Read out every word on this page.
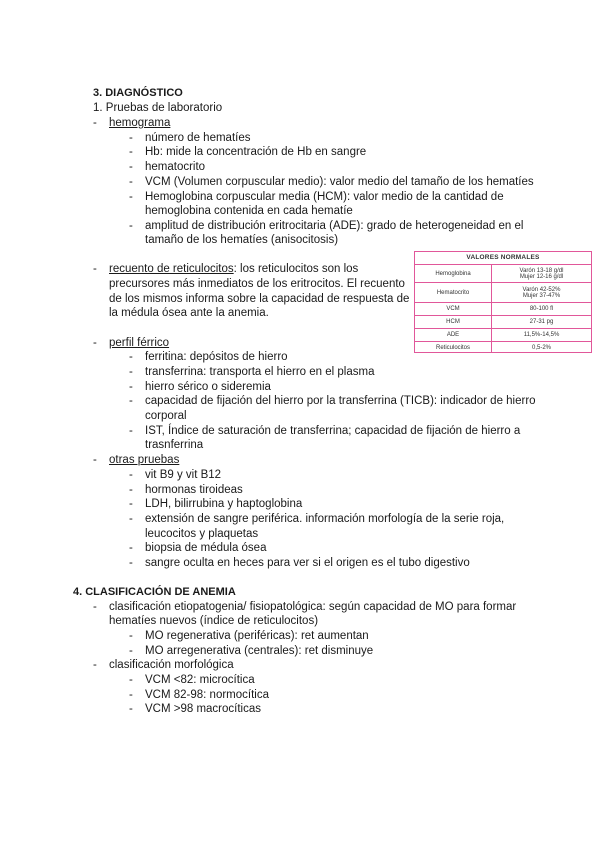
3. DIAGNÓSTICO
1. Pruebas de laboratorio
- hemograma
- número de hematíes
- Hb: mide la concentración de Hb en sangre
- hematocrito
- VCM (Volumen corpuscular medio): valor medio del tamaño de los hematíes
- Hemoglobina corpuscular media (HCM): valor medio de la cantidad de
hemoglobina contenida en cada hematíe
- amplitud de distribución eritrocitaria (ADE): grado de heterogeneidad en el
tamaño de los hematíes (anisocitosis)
- recuento de reticulocitos: los reticulocitos son los
precursores más inmediatos de los eritrocitos. El recuento
de los mismos informa sobre la capacidad de respuesta de
la médula ósea ante la anemia.
VALORES NORMALES
Hemoglobina	Varón 13-18 g/dl
Mujer 12-16 g/dl
Hematocrito	Varón 42-52%
Mujer 37-47%
VCM	80-100 fl
HCM	27-31 pg
ADE	11,5%-14,5%
Reticulocitos	0,5-2%
- perfil férrico
- ferritina: depósitos de hierro
- transferrina: transporta el hierro en el plasma
- hierro sérico o sideremia
- capacidad de fijación del hierro por la transferrina (TICB): indicador de hierro
corporal
- IST, Índice de saturación de transferrina; capacidad de fijación de hierro a
trasnferrina
- otras pruebas
- vit B9 y vit B12
- hormonas tiroideas
- LDH, bilirrubina y haptoglobina
- extensión de sangre periférica. información morfología de la serie roja,
leucocitos y plaquetas
- biopsia de médula ósea
- sangre oculta en heces para ver si el origen es el tubo digestivo
4. CLASIFICACIÓN DE ANEMIA
- clasificación etiopatogenia/ fisiopatológica: según capacidad de MO para formar
hematíes nuevos (índice de reticulocitos)
- MO regenerativa (periféricas): ret aumentan
- MO arregenerativa (centrales): ret disminuye
- clasificación morfológica
- VCM <82: microcítica
- VCM 82-98: normocítica
- VCM >98 macrocíticas
